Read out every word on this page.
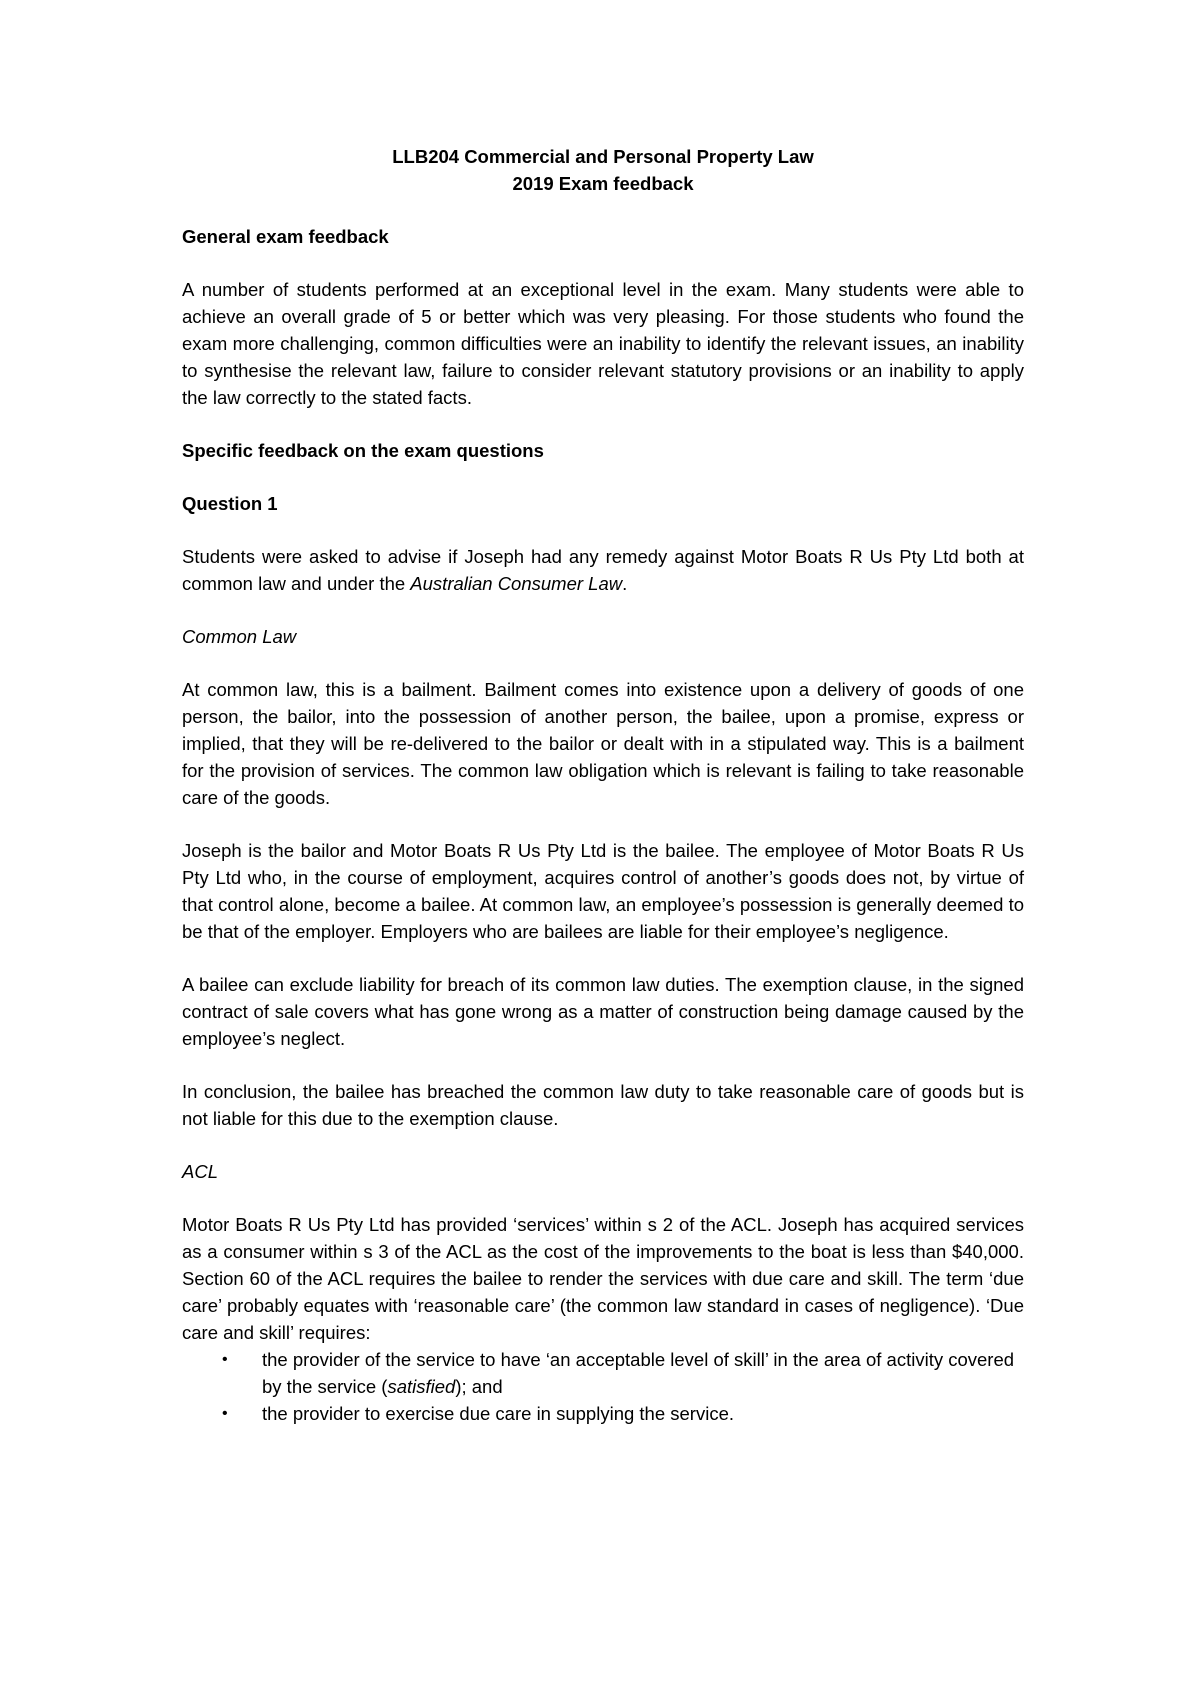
LLB204 Commercial and Personal Property Law

2019 Exam feedback

General exam feedback

A number of students performed at an exceptional level in the exam. Many students were able to achieve an overall grade of 5 or better which was very pleasing. For those students who found the exam more challenging, common difficulties were an inability to identify the relevant issues, an inability to synthesise the relevant law, failure to consider relevant statutory provisions or an inability to apply the law correctly to the stated facts.

Specific feedback on the exam questions

Question 1

Students were asked to advise if Joseph had any remedy against Motor Boats R Us Pty Ltd both at common law and under the Australian Consumer Law.

Common Law

At common law, this is a bailment. Bailment comes into existence upon a delivery of goods of one person, the bailor, into the possession of another person, the bailee, upon a promise, express or implied, that they will be re-delivered to the bailor or dealt with in a stipulated way. This is a bailment for the provision of services. The common law obligation which is relevant is failing to take reasonable care of the goods.

Joseph is the bailor and Motor Boats R Us Pty Ltd is the bailee. The employee of Motor Boats R Us Pty Ltd who, in the course of employment, acquires control of another’s goods does not, by virtue of that control alone, become a bailee. At common law, an employee’s possession is generally deemed to be that of the employer. Employers who are bailees are liable for their employee’s negligence.

A bailee can exclude liability for breach of its common law duties. The exemption clause, in the signed contract of sale covers what has gone wrong as a matter of construction being damage caused by the employee’s neglect.

In conclusion, the bailee has breached the common law duty to take reasonable care of goods but is not liable for this due to the exemption clause.

ACL

Motor Boats R Us Pty Ltd has provided ‘services’ within s 2 of the ACL. Joseph has acquired services as a consumer within s 3 of the ACL as the cost of the improvements to the boat is less than $40,000. Section 60 of the ACL requires the bailee to render the services with due care and skill. The term ‘due care’ probably equates with ‘reasonable care’ (the common law standard in cases of negligence). ‘Due care and skill’ requires:

• the provider of the service to have ‘an acceptable level of skill’ in the area of activity covered by the service (satisfied); and
• the provider to exercise due care in supplying the service.
